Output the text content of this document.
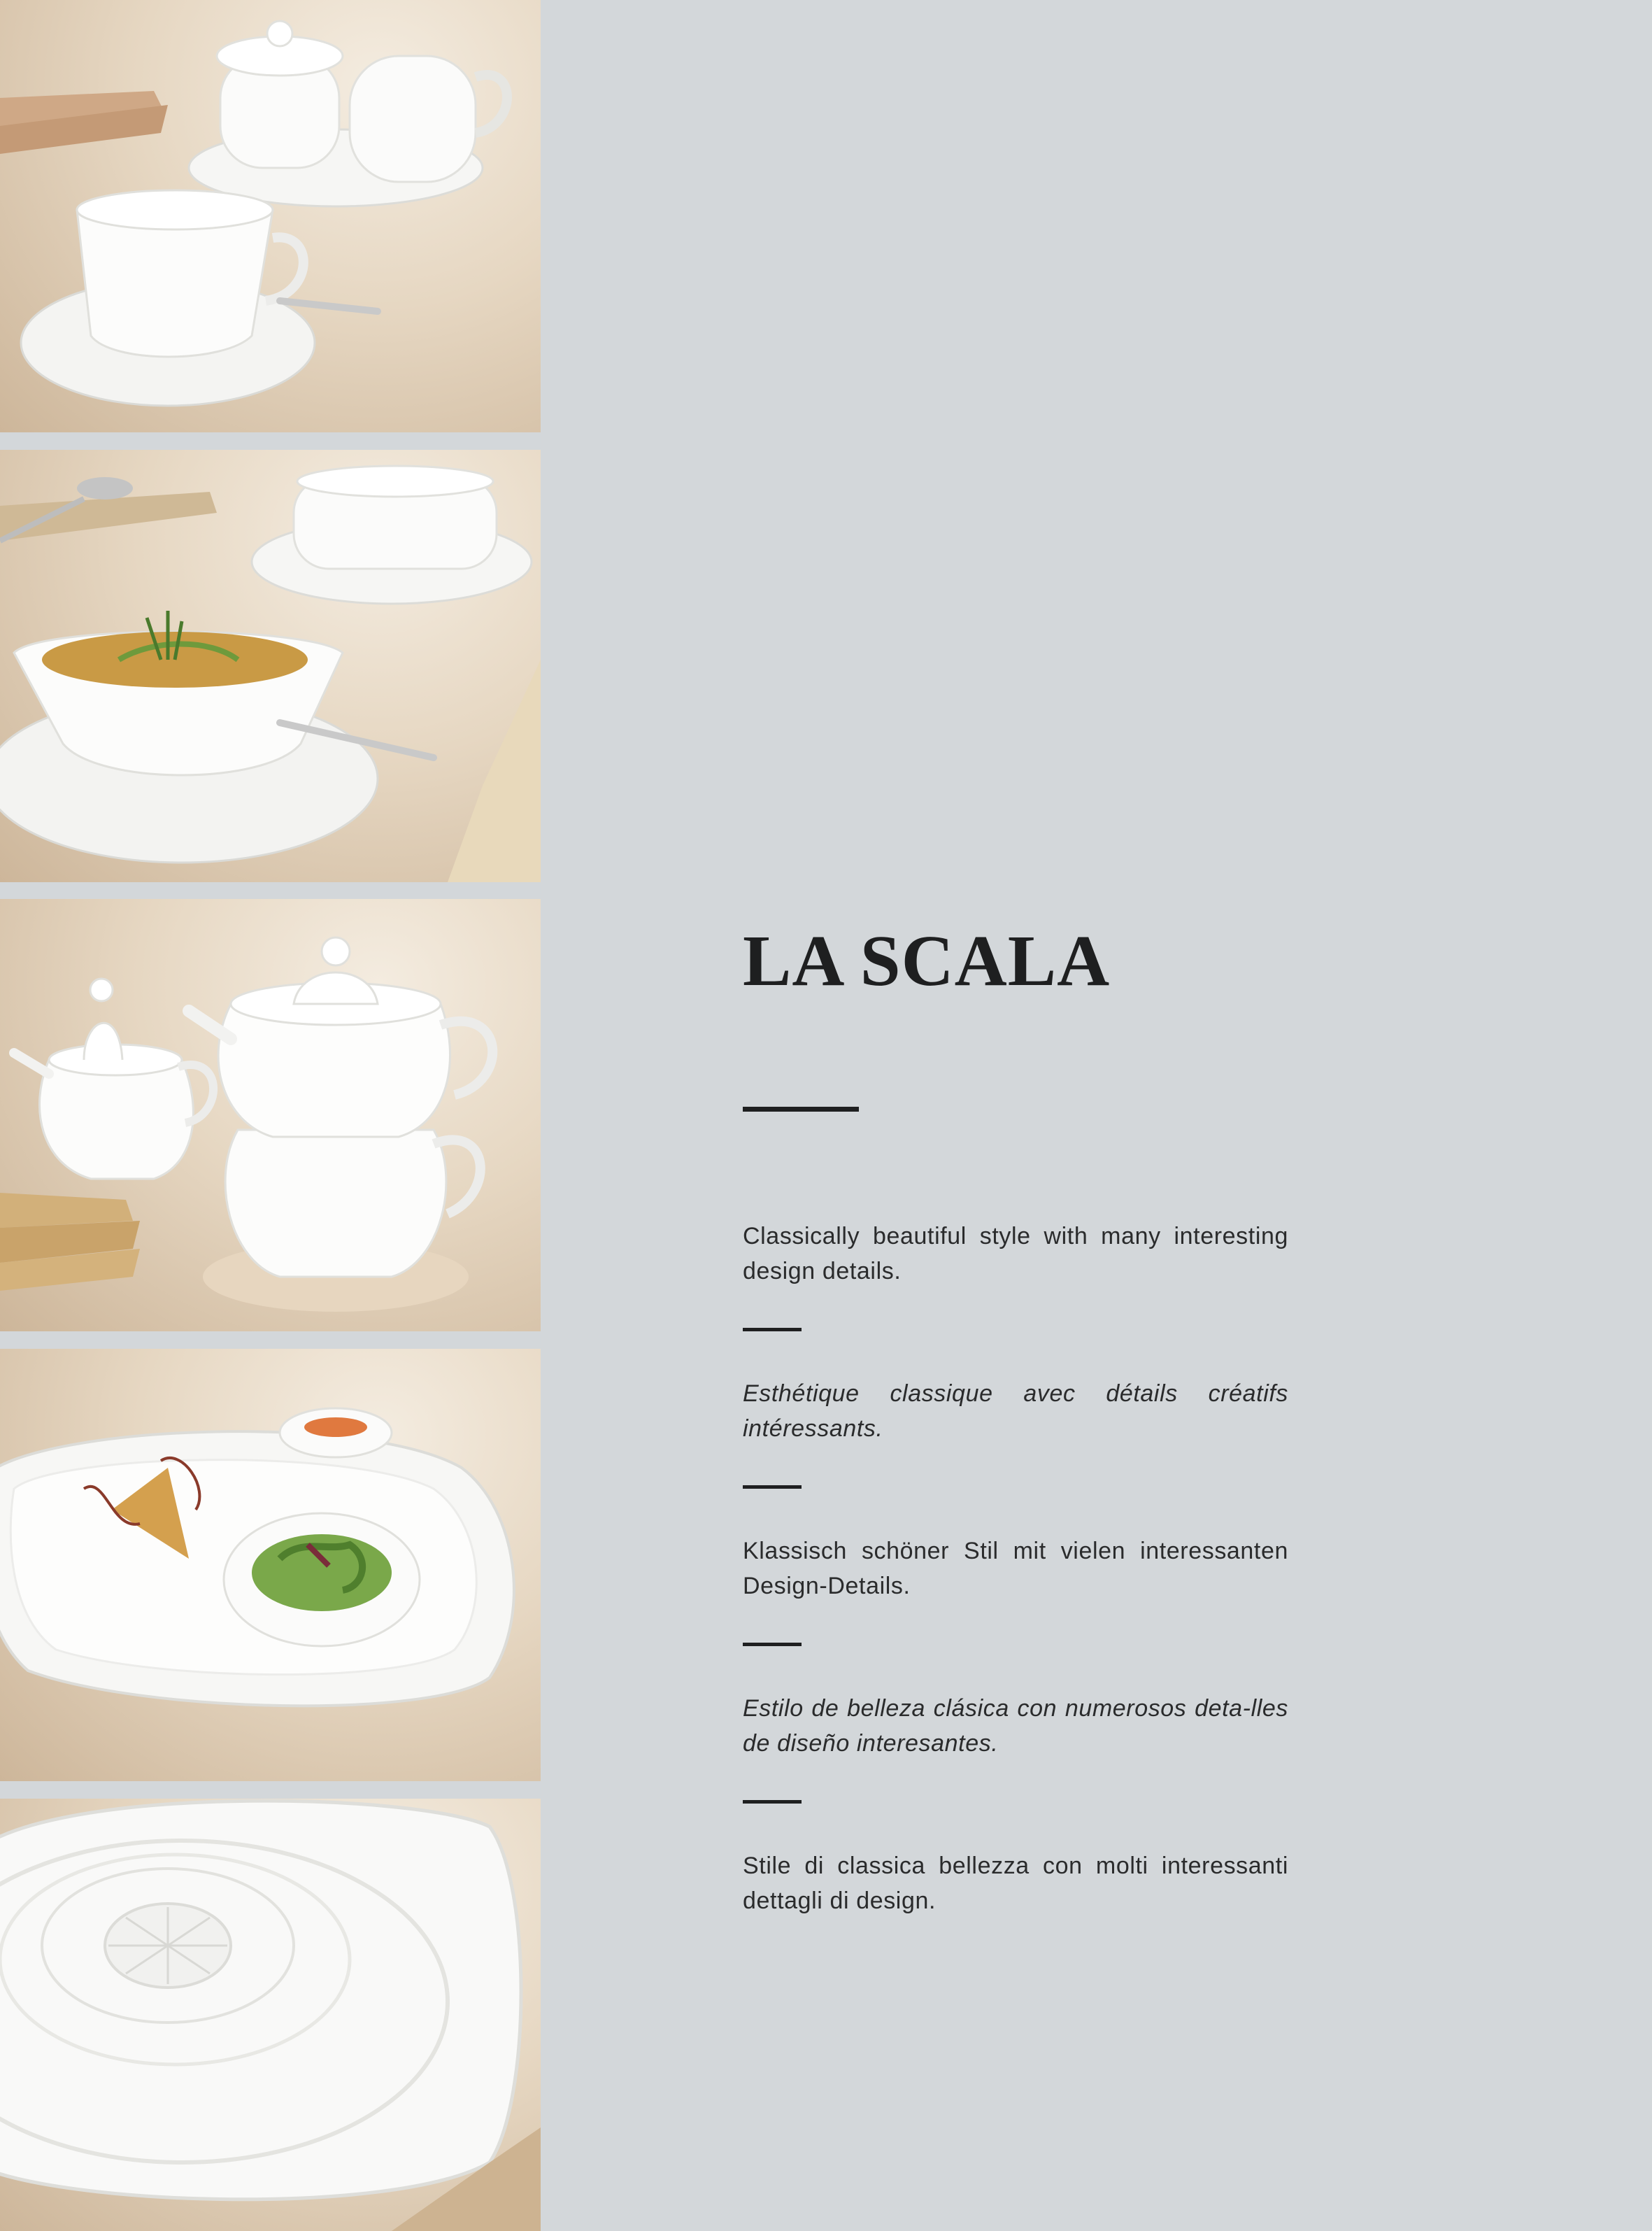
LA SCALA

Classically beautiful style with many interesting design details.

Esthétique classique avec détails créatifs intéressants.

Klassisch schöner Stil mit vielen interessanten Design-Details.

Estilo de belleza clásica con numerosos deta-lles de diseño interesantes.

Stile di classica bellezza con molti interessanti dettagli di design.
